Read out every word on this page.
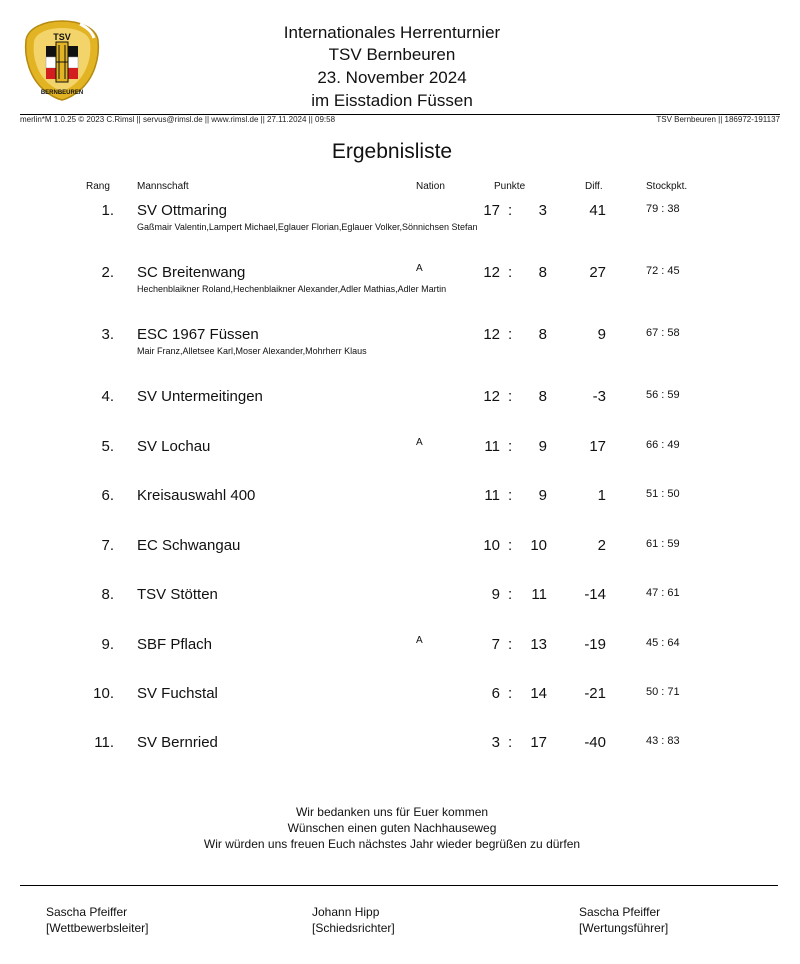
TSV
BERNBEUREN
Internationales Herrenturnier
TSV Bernbeuren
23. November 2024
im Eisstadion Füssen
merlin*M 1.0.25 © 2023 C.Rimsl || servus@rimsl.de || www.rimsl.de || 27.11.2024 || 09:58	TSV Bernbeuren || 186972-191137
Ergebnisliste
Rang	Mannschaft	Nation	Punkte	Diff.	Stockpkt.
1. SV Ottmaring	17 :	3	41	79 : 38
Gaßmair Valentin,Lampert Michael,Eglauer Florian,Eglauer Volker,Sönnichsen Stefan
2. SC Breitenwang	A	12 :	8	27	72 : 45
Hechenblaikner Roland,Hechenblaikner Alexander,Adler Mathias,Adler Martin
3. ESC 1967 Füssen	12 :	8	9	67 : 58
Mair Franz,Alletsee Karl,Moser Alexander,Mohrherr Klaus
4. SV Untermeitingen	12 :	8	-3	56 : 59
5. SV Lochau	A	11 :	9	17	66 : 49
6. Kreisauswahl 400	11 :	9	1	51 : 50
7. EC Schwangau	10 :	10	2	61 : 59
8. TSV Stötten	9 :	11	-14	47 : 61
9. SBF Pflach	A	7 :	13	-19	45 : 64
10. SV Fuchstal	6 :	14	-21	50 : 71
11. SV Bernried	3 :	17	-40	43 : 83
Wir bedanken uns für Euer kommen
Wünschen einen guten Nachhauseweg
Wir würden uns freuen Euch nächstes Jahr wieder begrüßen zu dürfen
Sascha Pfeiffer
[Wettbewerbsleiter]
Johann Hipp
[Schiedsrichter]
Sascha Pfeiffer
[Wertungsführer]
